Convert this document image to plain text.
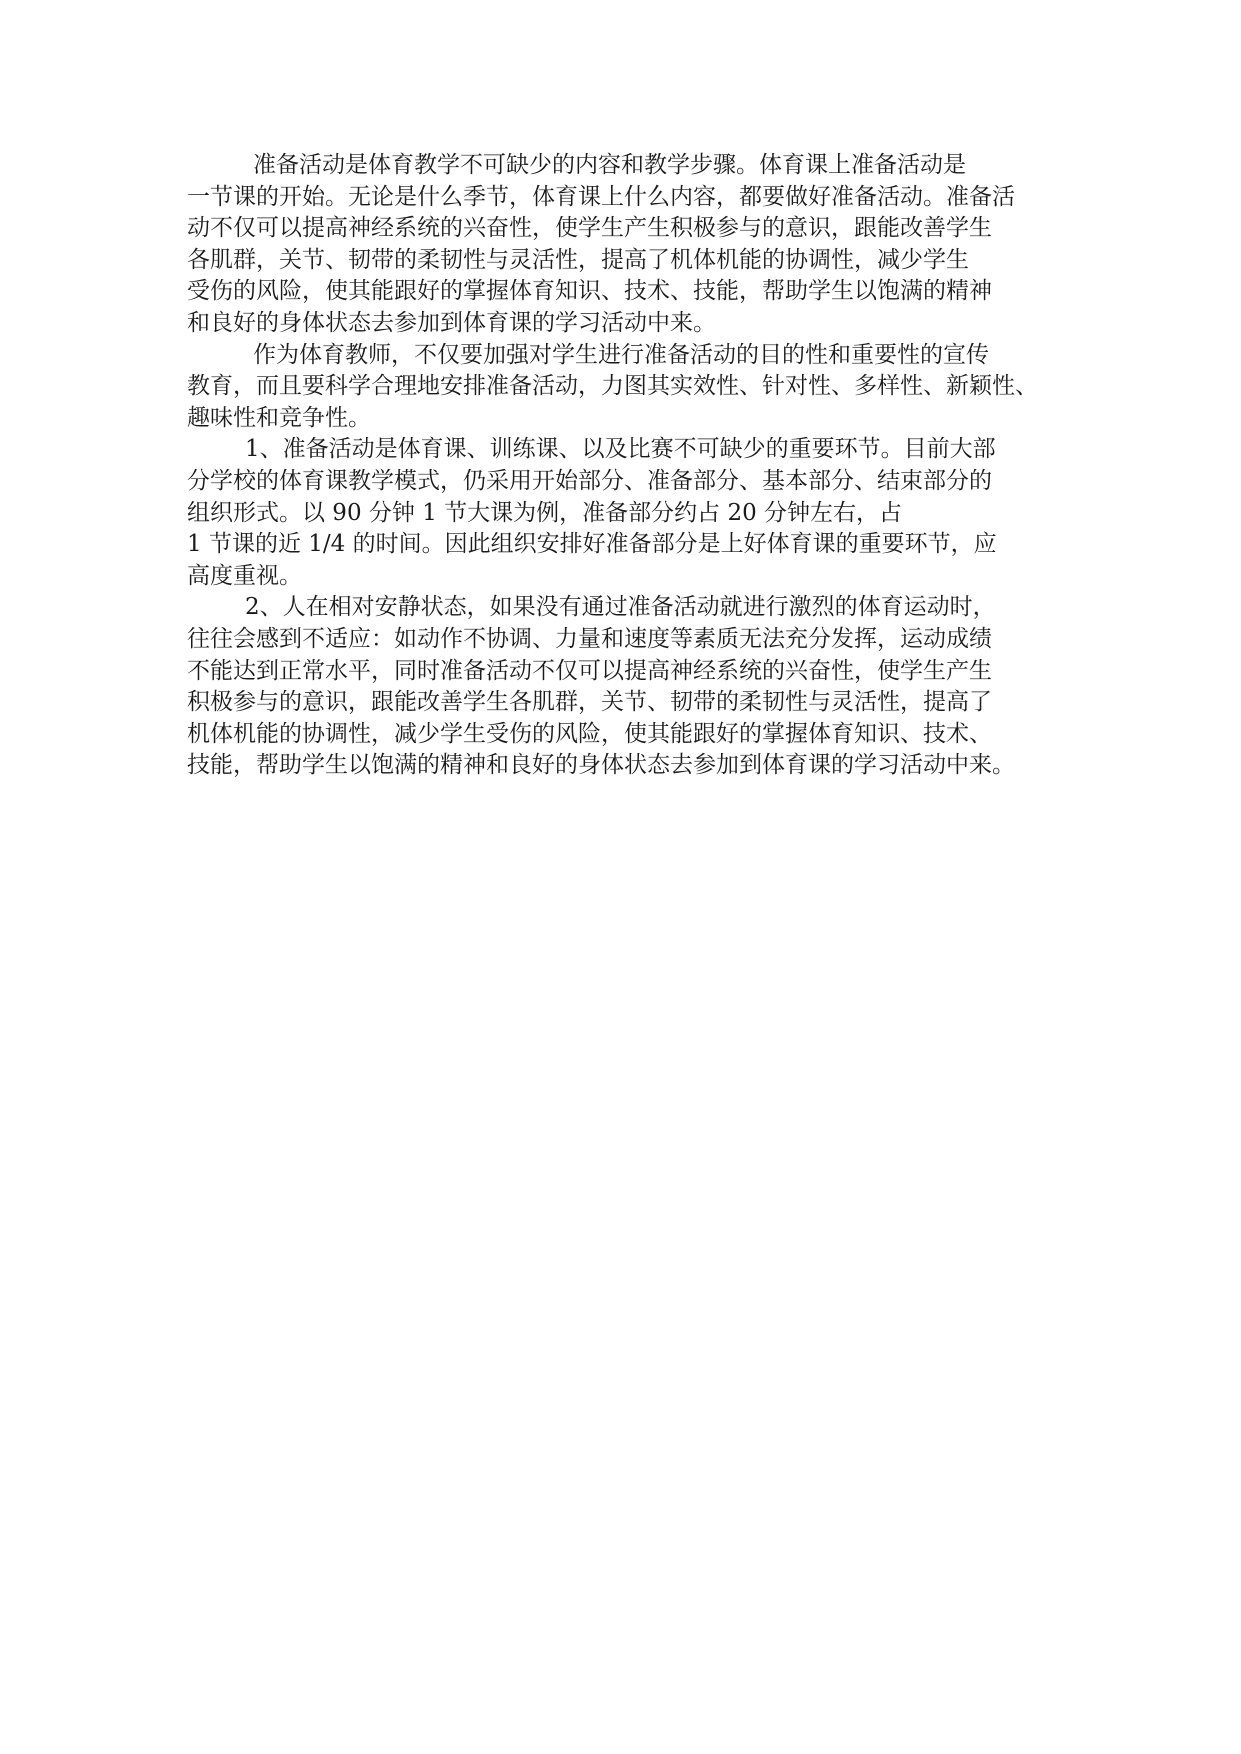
准备活动是体育教学不可缺少的内容和教学步骤。体育课上准备活动是
一节课的开始。无论是什么季节，体育课上什么内容，都要做好准备活动。准备活
动不仅可以提高神经系统的兴奋性，使学生产生积极参与的意识，跟能改善学生
各肌群，关节、韧带的柔韧性与灵活性，提高了机体机能的协调性，减少学生
受伤的风险，使其能跟好的掌握体育知识、技术、技能，帮助学生以饱满的精神
和良好的身体状态去参加到体育课的学习活动中来。

作为体育教师，不仅要加强对学生进行准备活动的目的性和重要性的宣传
教育，而且要科学合理地安排准备活动，力图其实效性、针对性、多样性、新颖性、
趣味性和竞争性。

1、准备活动是体育课、训练课、以及比赛不可缺少的重要环节。目前大部
分学校的体育课教学模式，仍采用开始部分、准备部分、基本部分、结束部分的
组织形式。以 90 分钟 1 节大课为例，准备部分约占 20 分钟左右，占
1 节课的近 1/4 的时间。因此组织安排好准备部分是上好体育课的重要环节，应
高度重视。

2、人在相对安静状态，如果没有通过准备活动就进行激烈的体育运动时，
往往会感到不适应：如动作不协调、力量和速度等素质无法充分发挥，运动成绩
不能达到正常水平，同时准备活动不仅可以提高神经系统的兴奋性，使学生产生
积极参与的意识，跟能改善学生各肌群，关节、韧带的柔韧性与灵活性，提高了
机体机能的协调性，减少学生受伤的风险，使其能跟好的掌握体育知识、技术、
技能，帮助学生以饱满的精神和良好的身体状态去参加到体育课的学习活动中来。
